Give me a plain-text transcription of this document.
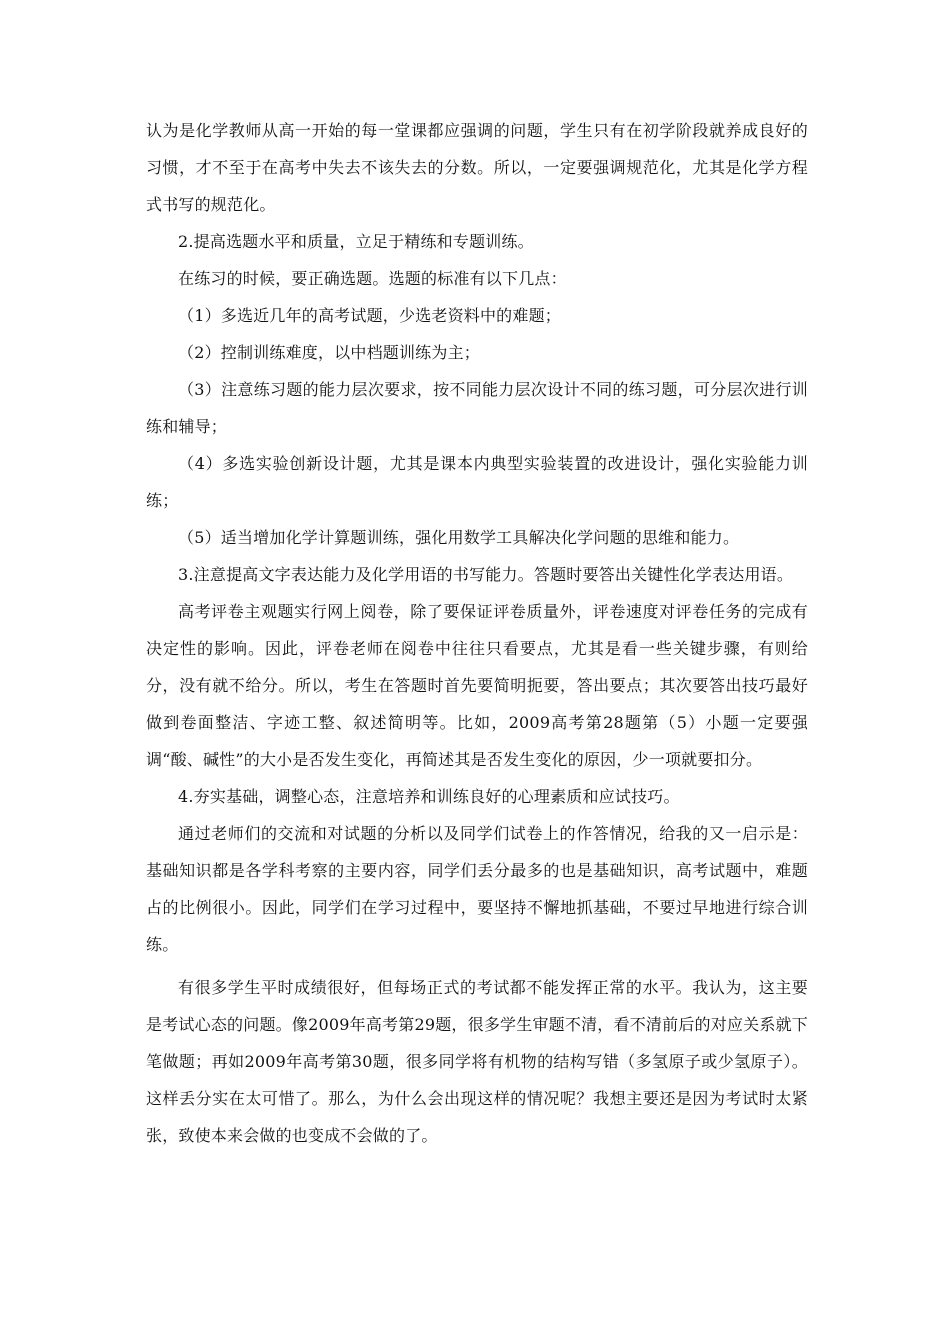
认为是化学教师从高一开始的每一堂课都应强调的问题，学生只有在初学阶段就养成良好的习惯，才不至于在高考中失去不该失去的分数。所以，一定要强调规范化，尤其是化学方程式书写的规范化。

2.提高选题水平和质量，立足于精练和专题训练。

在练习的时候，要正确选题。选题的标准有以下几点：

（1）多选近几年的高考试题，少选老资料中的难题；

（2）控制训练难度，以中档题训练为主；

（3）注意练习题的能力层次要求，按不同能力层次设计不同的练习题，可分层次进行训练和辅导；

（4）多选实验创新设计题，尤其是课本内典型实验装置的改进设计，强化实验能力训练；

（5）适当增加化学计算题训练，强化用数学工具解决化学问题的思维和能力。

3.注意提高文字表达能力及化学用语的书写能力。答题时要答出关键性化学表达用语。

高考评卷主观题实行网上阅卷，除了要保证评卷质量外，评卷速度对评卷任务的完成有决定性的影响。因此，评卷老师在阅卷中往往只看要点，尤其是看一些关键步骤，有则给分，没有就不给分。所以，考生在答题时首先要简明扼要，答出要点；其次要答出技巧最好做到卷面整洁、字迹工整、叙述简明等。比如，2009高考第28题第（5）小题一定要强调“酸、碱性”的大小是否发生变化，再简述其是否发生变化的原因，少一项就要扣分。

4.夯实基础，调整心态，注意培养和训练良好的心理素质和应试技巧。

通过老师们的交流和对试题的分析以及同学们试卷上的作答情况，给我的又一启示是：基础知识都是各学科考察的主要内容，同学们丢分最多的也是基础知识，高考试题中，难题占的比例很小。因此，同学们在学习过程中，要坚持不懈地抓基础，不要过早地进行综合训练。

有很多学生平时成绩很好，但每场正式的考试都不能发挥正常的水平。我认为，这主要是考试心态的问题。像2009年高考第29题，很多学生审题不清，看不清前后的对应关系就下笔做题；再如2009年高考第30题，很多同学将有机物的结构写错（多氢原子或少氢原子）。这样丢分实在太可惜了。那么，为什么会出现这样的情况呢？我想主要还是因为考试时太紧张，致使本来会做的也变成不会做的了。
